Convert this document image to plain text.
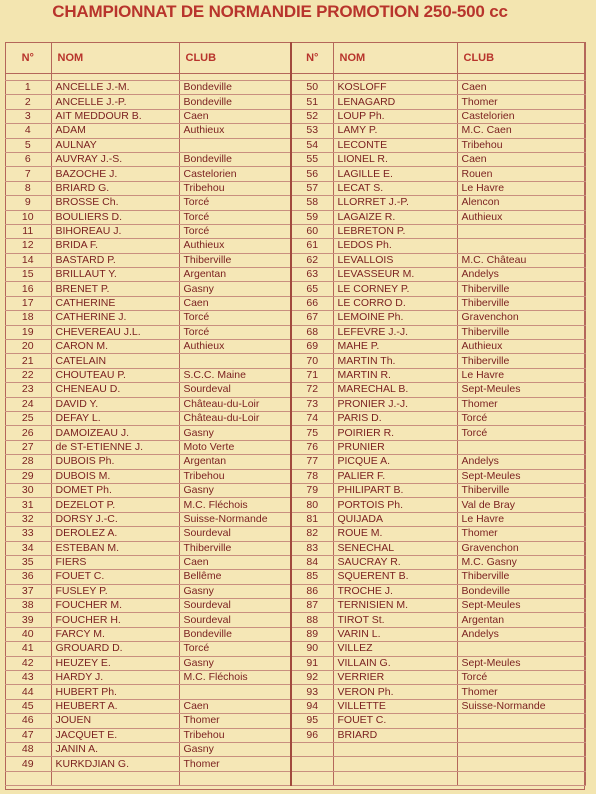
CHAMPIONNAT DE NORMANDIE PROMOTION 250-500 cc
N°	NOM	CLUB	N°	NOM	CLUB

1	ANCELLE J.-M.	Bondeville	50	KOSLOFF	Caen
2	ANCELLE J.-P.	Bondeville	51	LENAGARD	Thomer
3	AIT MEDDOUR B.	Caen	52	LOUP Ph.	Castelorien
4	ADAM	Authieux	53	LAMY P.	M.C. Caen
5	AULNAY		54	LECONTE	Tribehou
6	AUVRAY J.-S.	Bondeville	55	LIONEL R.	Caen
7	BAZOCHE J.	Castelorien	56	LAGILLE E.	Rouen
8	BRIARD G.	Tribehou	57	LECAT S.	Le Havre
9	BROSSE Ch.	Torcé	58	LLORRET J.-P.	Alencon
10	BOULIERS D.	Torcé	59	LAGAIZE R.	Authieux
11	BIHOREAU J.	Torcé	60	LEBRETON P.	
12	BRIDA F.	Authieux	61	LEDOS Ph.	
14	BASTARD P.	Thiberville	62	LEVALLOIS	M.C. Château
15	BRILLAUT Y.	Argentan	63	LEVASSEUR M.	Andelys
16	BRENET P.	Gasny	65	LE CORNEY P.	Thiberville
17	CATHERINE	Caen	66	LE CORRO D.	Thiberville
18	CATHERINE J.	Torcé	67	LEMOINE Ph.	Gravenchon
19	CHEVEREAU J.L.	Torcé	68	LEFEVRE J.-J.	Thiberville
20	CARON M.	Authieux	69	MAHE P.	Authieux
21	CATELAIN		70	MARTIN Th.	Thiberville
22	CHOUTEAU P.	S.C.C. Maine	71	MARTIN R.	Le Havre
23	CHENEAU D.	Sourdeval	72	MARECHAL B.	Sept-Meules
24	DAVID Y.	Château-du-Loir	73	PRONIER J.-J.	Thomer
25	DEFAY L.	Château-du-Loir	74	PARIS D.	Torcé
26	DAMOIZEAU J.	Gasny	75	POIRIER R.	Torcé
27	de ST-ETIENNE J.	Moto Verte	76	PRUNIER	
28	DUBOIS Ph.	Argentan	77	PICQUE A.	Andelys
29	DUBOIS M.	Tribehou	78	PALIER F.	Sept-Meules
30	DOMET Ph.	Gasny	79	PHILIPART B.	Thiberville
31	DEZELOT P.	M.C. Fléchois	80	PORTOIS Ph.	Val de Bray
32	DORSY J.-C.	Suisse-Normande	81	QUIJADA	Le Havre
33	DEROLEZ A.	Sourdeval	82	ROUE M.	Thomer
34	ESTEBAN M.	Thiberville	83	SENECHAL	Gravenchon
35	FIERS	Caen	84	SAUCRAY R.	M.C. Gasny
36	FOUET C.	Bellême	85	SQUERENT B.	Thiberville
37	FUSLEY P.	Gasny	86	TROCHE J.	Bondeville
38	FOUCHER M.	Sourdeval	87	TERNISIEN M.	Sept-Meules
39	FOUCHER H.	Sourdeval	88	TIROT St.	Argentan
40	FARCY M.	Bondeville	89	VARIN L.	Andelys
41	GROUARD D.	Torcé	90	VILLEZ	
42	HEUZEY E.	Gasny	91	VILLAIN G.	Sept-Meules
43	HARDY J.	M.C. Fléchois	92	VERRIER	Torcé
44	HUBERT Ph.		93	VERON Ph.	Thomer
45	HEUBERT A.	Caen	94	VILLETTE	Suisse-Normande
46	JOUEN	Thomer	95	FOUET C.	
47	JACQUET E.	Tribehou	96	BRIARD	
48	JANIN A.	Gasny			
49	KURKDJIAN G.	Thomer			
